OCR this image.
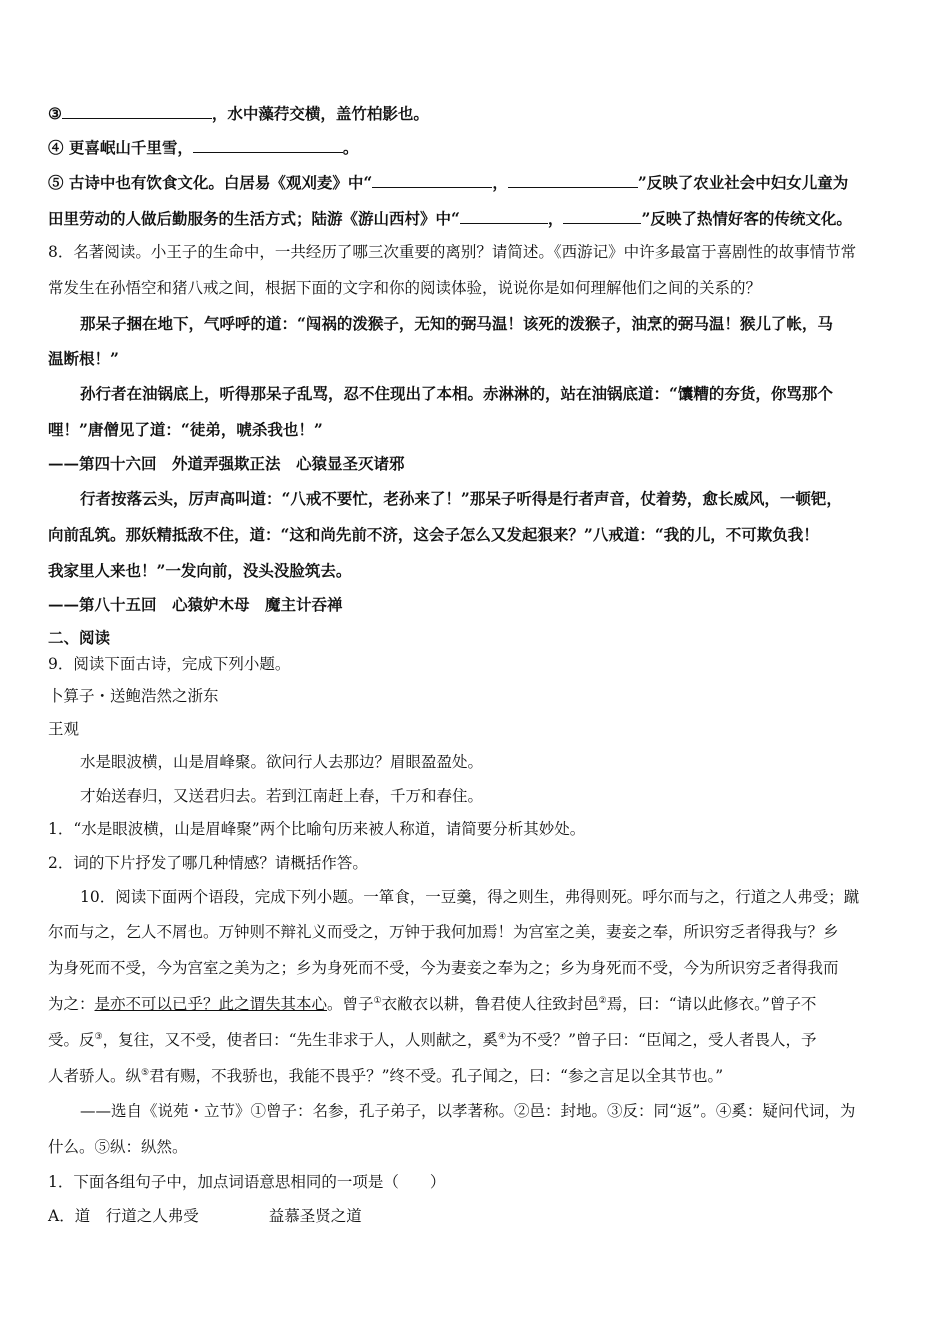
③	，水中藻荇交横，盖竹柏影也。
④ 更喜岷山千里雪，	。
⑤ 古诗中也有饮食文化。白居易《观刈麦》中“	，	”反映了农业社会中妇女儿童为
田里劳动的人做后勤服务的生活方式；陆游《游山西村》中“	，	”反映了热情好客的传统文化。
8．名著阅读。小王子的生命中，一共经历了哪三次重要的离别？请简述。《西游记》中许多最富于喜剧性的故事情节常
常发生在孙悟空和猪八戒之间，根据下面的文字和你的阅读体验，说说你是如何理解他们之间的关系的？
那呆子捆在地下，气呼呼的道：“闯祸的泼猴子，无知的弼马温！该死的泼猴子，油烹的弼马温！猴儿了帐，马
温断根！”
孙行者在油锅底上，听得那呆子乱骂，忍不住现出了本相。赤淋淋的，站在油锅底道：“馕糟的夯货，你骂那个
哩！”唐僧见了道：“徒弟，唬杀我也！”
——第四十六回　外道弄强欺正法　心猿显圣灭诸邪
行者按落云头，厉声高叫道：“八戒不要忙，老孙来了！”那呆子听得是行者声音，仗着势，愈长威风，一顿钯，
向前乱筑。那妖精抵敌不住，道：“这和尚先前不济，这会子怎么又发起狠来？”八戒道：“我的儿，不可欺负我！
我家里人来也！”一发向前，没头没脸筑去。
——第八十五回　心猿妒木母　魔主计吞禅
二、阅读
9．阅读下面古诗，完成下列小题。
卜算子・送鲍浩然之浙东
王观
水是眼波横，山是眉峰聚。欲问行人去那边？眉眼盈盈处。
才始送春归，又送君归去。若到江南赶上春，千万和春住。
1．“水是眼波横，山是眉峰聚”两个比喻句历来被人称道，请简要分析其妙处。
2．词的下片抒发了哪几种情感？请概括作答。
10．阅读下面两个语段，完成下列小题。一箪食，一豆羹，得之则生，弗得则死。呼尔而与之，行道之人弗受；蹴
尔而与之，乞人不屑也。万钟则不辩礼义而受之，万钟于我何加焉！为宫室之美，妻妾之奉，所识穷乏者得我与？乡
为身死而不受，今为宫室之美为之；乡为身死而不受，今为妻妾之奉为之；乡为身死而不受，今为所识穷乏者得我而
为之：是亦不可以已乎？此之谓失其本心。曾子①衣敝衣以耕，鲁君使人往致封邑②焉，曰：“请以此修衣。”曾子不
受。反③，复往，又不受，使者曰：“先生非求于人，人则献之，奚④为不受？”曾子曰：“臣闻之，受人者畏人，予
人者骄人。纵⑤君有赐，不我骄也，我能不畏乎？”终不受。孔子闻之，曰：“参之言足以全其节也。”
——选自《说苑・立节》①曾子：名参，孔子弟子，以孝著称。②邑：封地。③反：同“返”。④奚：疑问代词，为
什么。⑤纵：纵然。
1．下面各组句子中，加点词语意思相同的一项是（　　）
A．道　行道之人弗受	益慕圣贤之道
